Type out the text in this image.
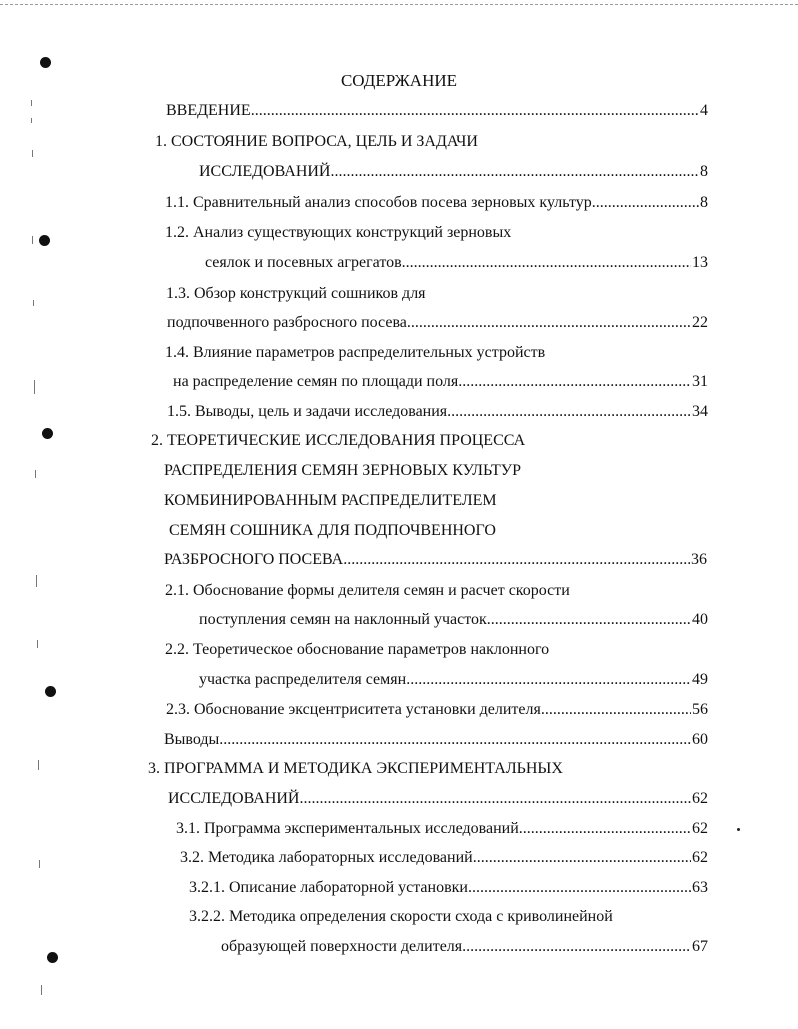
СОДЕРЖАНИЕ
ВВЕДЕНИЕ .....	4
1. СОСТОЯНИЕ ВОПРОСА, ЦЕЛЬ И ЗАДАЧИ
ИССЛЕДОВАНИЙ .....	8
1.1. Сравнительный анализ способов посева зерновых культур .....	8
1.2. Анализ существующих конструкций зерновых
сеялок и посевных агрегатов .....	13
1.3. Обзор конструкций сошников для
подпочвенного разбросного посева .....	22
1.4. Влияние параметров распределительных устройств
на распределение семян по площади поля .....	31
1.5. Выводы, цель и задачи исследования .....	34
2. ТЕОРЕТИЧЕСКИЕ ИССЛЕДОВАНИЯ ПРОЦЕССА
РАСПРЕДЕЛЕНИЯ СЕМЯН ЗЕРНОВЫХ КУЛЬТУР
КОМБИНИРОВАННЫМ РАСПРЕДЕЛИТЕЛЕМ
СЕМЯН СОШНИКА ДЛЯ ПОДПОЧВЕННОГО
РАЗБРОСНОГО ПОСЕВА .....	36
2.1. Обоснование формы делителя семян и расчет скорости
поступления семян на наклонный участок .....	40
2.2. Теоретическое обоснование параметров наклонного
участка распределителя семян .....	49
2.3. Обоснование эксцентриситета установки делителя .....	56
Выводы .....	60
3. ПРОГРАММА И МЕТОДИКА ЭКСПЕРИМЕНТАЛЬНЫХ
ИССЛЕДОВАНИЙ .....	62
3.1. Программа экспериментальных исследований .....	62
3.2. Методика лабораторных исследований .....	62
3.2.1. Описание лабораторной установки .....	63
3.2.2. Методика определения скорости схода с криволинейной
образующей поверхности делителя .....	67
